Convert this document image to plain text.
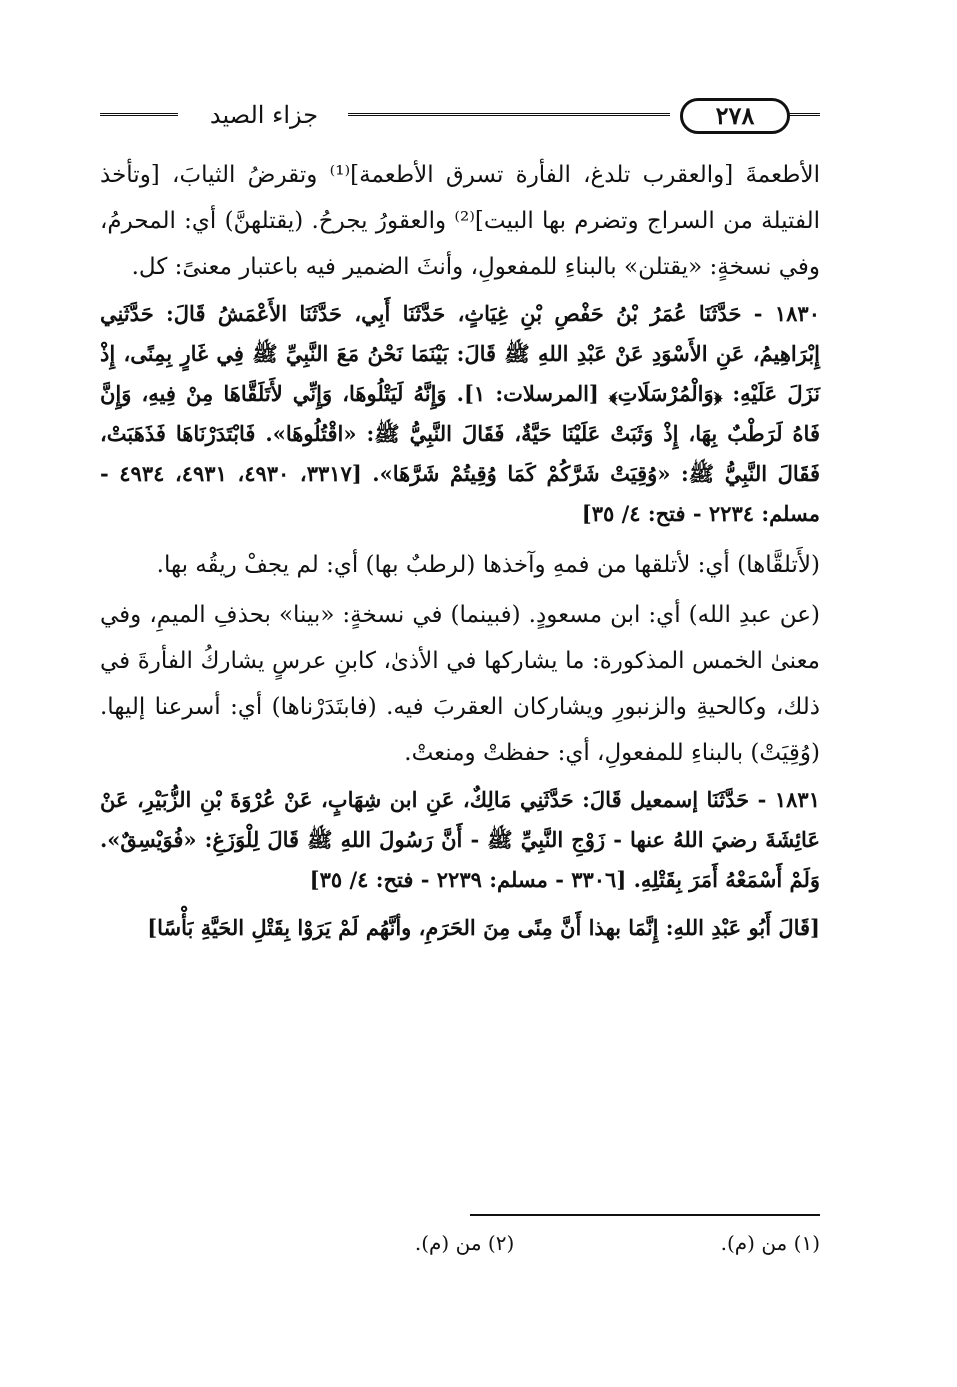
جزاء الصيد	٢٧٨

الأطعمةَ [والعقرب تلدغ، الفأرة تسرق الأطعمة]⁽¹⁾ وتقرضُ الثيابَ، [وتأخذ الفتيلة من السراج وتضرم بها البيت]⁽²⁾ والعقورُ يجرحُ. (يقتلهنَّ) أي: المحرمُ، وفي نسخةٍ: «يقتلن» بالبناءِ للمفعولِ، وأنثَ الضمير فيه باعتبار معنىً: كل.

١٨٣٠ - حَدَّثَنَا عُمَرُ بْنُ حَفْصِ بْنِ غِيَاثٍ، حَدَّثَنَا أَبِي، حَدَّثَنَا الأَعْمَشُ قَالَ: حَدَّثَنِي إِبْرَاهِيمُ، عَنِ الأَسْوَدِ عَنْ عَبْدِ اللهِ ﷺ قَالَ: بَيْنَمَا نَحْنُ مَعَ النَّبِيِّ ﷺ فِي غَارٍ بِمِنًى، إِذْ نَزَلَ عَلَيْهِ: ﴿وَالْمُرْسَلَاتِ﴾ [المرسلات: ١]. وَإِنَّهُ لَيَتْلُوهَا، وَإِنِّي لأَتَلَقَّاهَا مِنْ فِيهِ، وَإِنَّ فَاهُ لَرَطْبٌ بِهَا، إِذْ وَثَبَتْ عَلَيْنَا حَيَّةٌ، فَقَالَ النَّبِيُّ ﷺ: «اقْتُلُوهَا». فَابْتَدَرْنَاهَا فَذَهَبَتْ، فَقَالَ النَّبِيُّ ﷺ: «وُقِيَتْ شَرَّكُمْ كَمَا وُقِيتُمْ شَرَّهَا». [٣٣١٧، ٤٩٣٠، ٤٩٣١، ٤٩٣٤ - مسلم: ٢٢٣٤ - فتح: ٤/ ٣٥]

(لأَتلقَّاها) أي: لأتلقها من فمهِ وآخذها (لرطبٌ بها) أي: لم يجفْ ريقُه بها.

(عن عبدِ الله) أي: ابن مسعودٍ. (فبينما) في نسخةٍ: «بينا» بحذفِ الميمِ، وفي معنىٰ الخمس المذكورة: ما يشاركها في الأذىٰ، كابنِ عرسٍ يشاركُ الفأرةَ في ذلك، وكالحيةِ والزنبورِ ويشاركان العقربَ فيه. (فابتَدَرْناها) أي: أسرعنا إليها. (وُقِيَتْ) بالبناءِ للمفعولِ، أي: حفظتْ ومنعتْ.

١٨٣١ - حَدَّثَنَا إسمعيل قَالَ: حَدَّثَنِي مَالِكٌ، عَنِ ابن شِهَابٍ، عَنْ عُرْوَةَ بْنِ الزُّبَيْرِ، عَنْ عَائِشَةَ رضيَ اللهُ عنها - زَوْجِ النَّبِيِّ ﷺ - أَنَّ رَسُولَ اللهِ ﷺ قَالَ لِلْوَزَغِ: «فُوَيْسِقٌ». وَلَمْ أَسْمَعْهُ أَمَرَ بِقَتْلِهِ. [٣٣٠٦ - مسلم: ٢٢٣٩ - فتح: ٤/ ٣٥]

[قَالَ أَبُو عَبْدِ اللهِ: إِنَّمَا بهذا أَنَّ مِنًى مِنَ الحَرَمِ، وأنَّهُم لَمْ يَرَوْا بِقَتْلِ الحَيَّةِ بَأْسًا]

(١) من (م). (٢) من (م).
